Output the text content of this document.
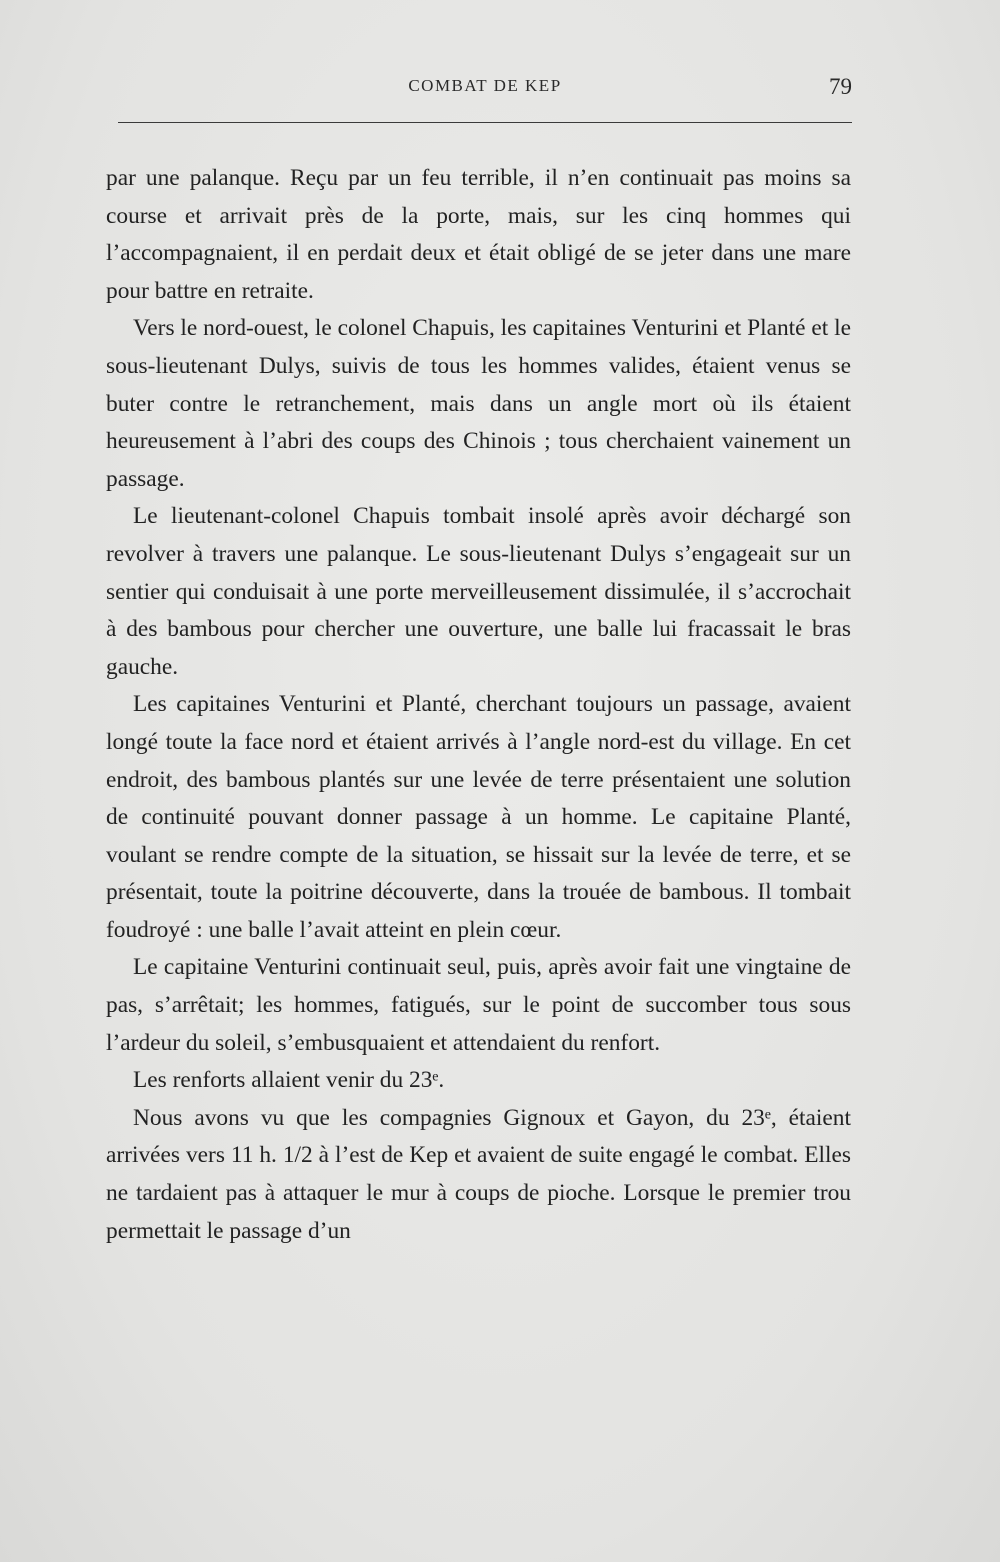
COMBAT DE KEP	79

par une palanque. Reçu par un feu terrible, il n’en continuait pas moins sa course et arrivait près de la porte, mais, sur les cinq hommes qui l’accompagnaient, il en perdait deux et était obligé de se jeter dans une mare pour battre en retraite.

Vers le nord-ouest, le colonel Chapuis, les capitaines Venturini et Planté et le sous-lieutenant Dulys, suivis de tous les hommes valides, étaient venus se buter contre le retranchement, mais dans un angle mort où ils étaient heureusement à l’abri des coups des Chinois ; tous cherchaient vainement un passage.

Le lieutenant-colonel Chapuis tombait insolé après avoir déchargé son revolver à travers une palanque. Le sous-lieutenant Dulys s’engageait sur un sentier qui conduisait à une porte merveilleusement dissimulée, il s’accrochait à des bambous pour chercher une ouverture, une balle lui fracassait le bras gauche.

Les capitaines Venturini et Planté, cherchant toujours un passage, avaient longé toute la face nord et étaient arrivés à l’angle nord-est du village. En cet endroit, des bambous plantés sur une levée de terre présentaient une solution de continuité pouvant donner passage à un homme. Le capitaine Planté, voulant se rendre compte de la situation, se hissait sur la levée de terre, et se présentait, toute la poitrine découverte, dans la trouée de bambous. Il tombait foudroyé : une balle l’avait atteint en plein cœur.

Le capitaine Venturini continuait seul, puis, après avoir fait une vingtaine de pas, s’arrêtait; les hommes, fatigués, sur le point de succomber tous sous l’ardeur du soleil, s’embusquaient et attendaient du renfort.

Les renforts allaient venir du 23ᵉ.

Nous avons vu que les compagnies Gignoux et Gayon, du 23ᵉ, étaient arrivées vers 11 h. 1/2 à l’est de Kep et avaient de suite engagé le combat. Elles ne tardaient pas à attaquer le mur à coups de pioche. Lorsque le premier trou permettait le passage d’un
